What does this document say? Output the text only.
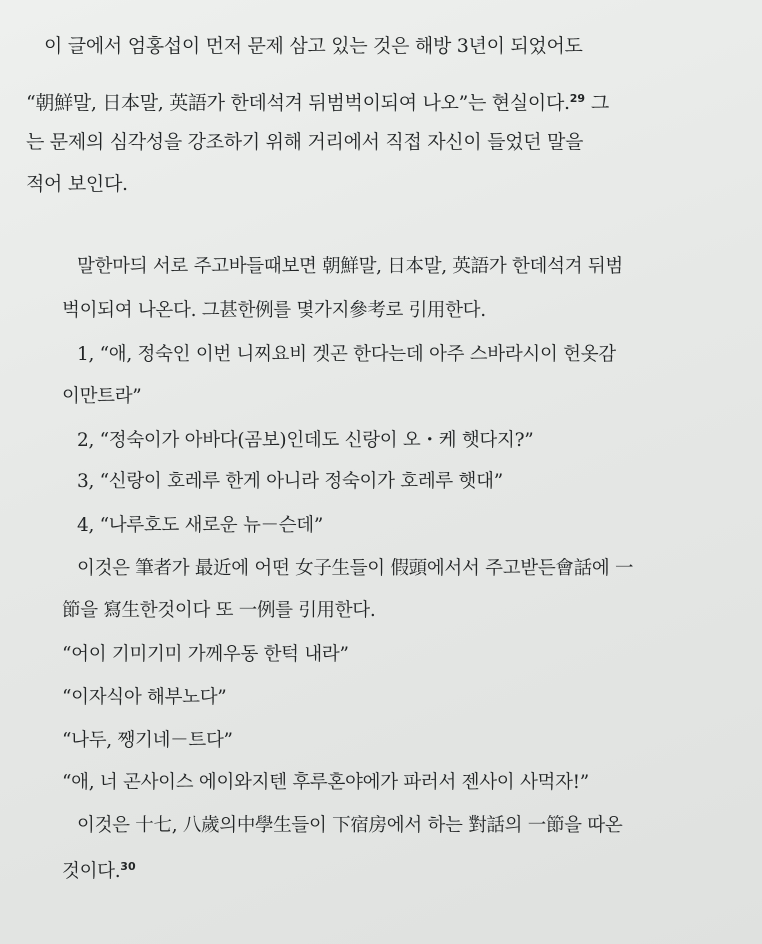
이 글에서 엄홍섭이 먼저 문제 삼고 있는 것은 해방 3년이 되었어도
“朝鮮말, 日本말, 英語가 한데석겨 뒤범벅이되여 나오”는 현실이다.$^{29}$ 그
는 문제의 심각성을 강조하기 위해 거리에서 직접 자신이 들었던 말을
적어 보인다.
말한마듸 서로 주고바들때보면 朝鮮말, 日本말, 英語가 한데석겨 뒤범
벅이되여 나온다. 그甚한例를 몇가지參考로 引用한다.
1, “애, 정숙인 이번 니찌요비 겟곤 한다는데 아주 스바라시이 헌옷감
이만트라”
2, “정숙이가 아바다(곰보)인데도 신랑이 오・케 햇다지?”
3, “신랑이 호레루 한게 아니라 정숙이가 호레루 햇대”
4, “나루호도 새로운 뉴－슨데”
이것은 筆者가 最近에 어떤 女子生들이 假頭에서서 주고받든會話에 一
節을 寫生한것이다 또 一例를 引用한다.
“어이 기미기미 가께우동 한턱 내라”
“이자식아 해부노다”
“나두, 쨍기네－트다”
“애, 너 곤사이스 에이와지텐 후루혼야에가 파러서 젠사이 사먹자!”
이것은 十七, 八歲의中學生들이 下宿房에서 하는 對話의 一節을 따온
것이다.$^{30}$
